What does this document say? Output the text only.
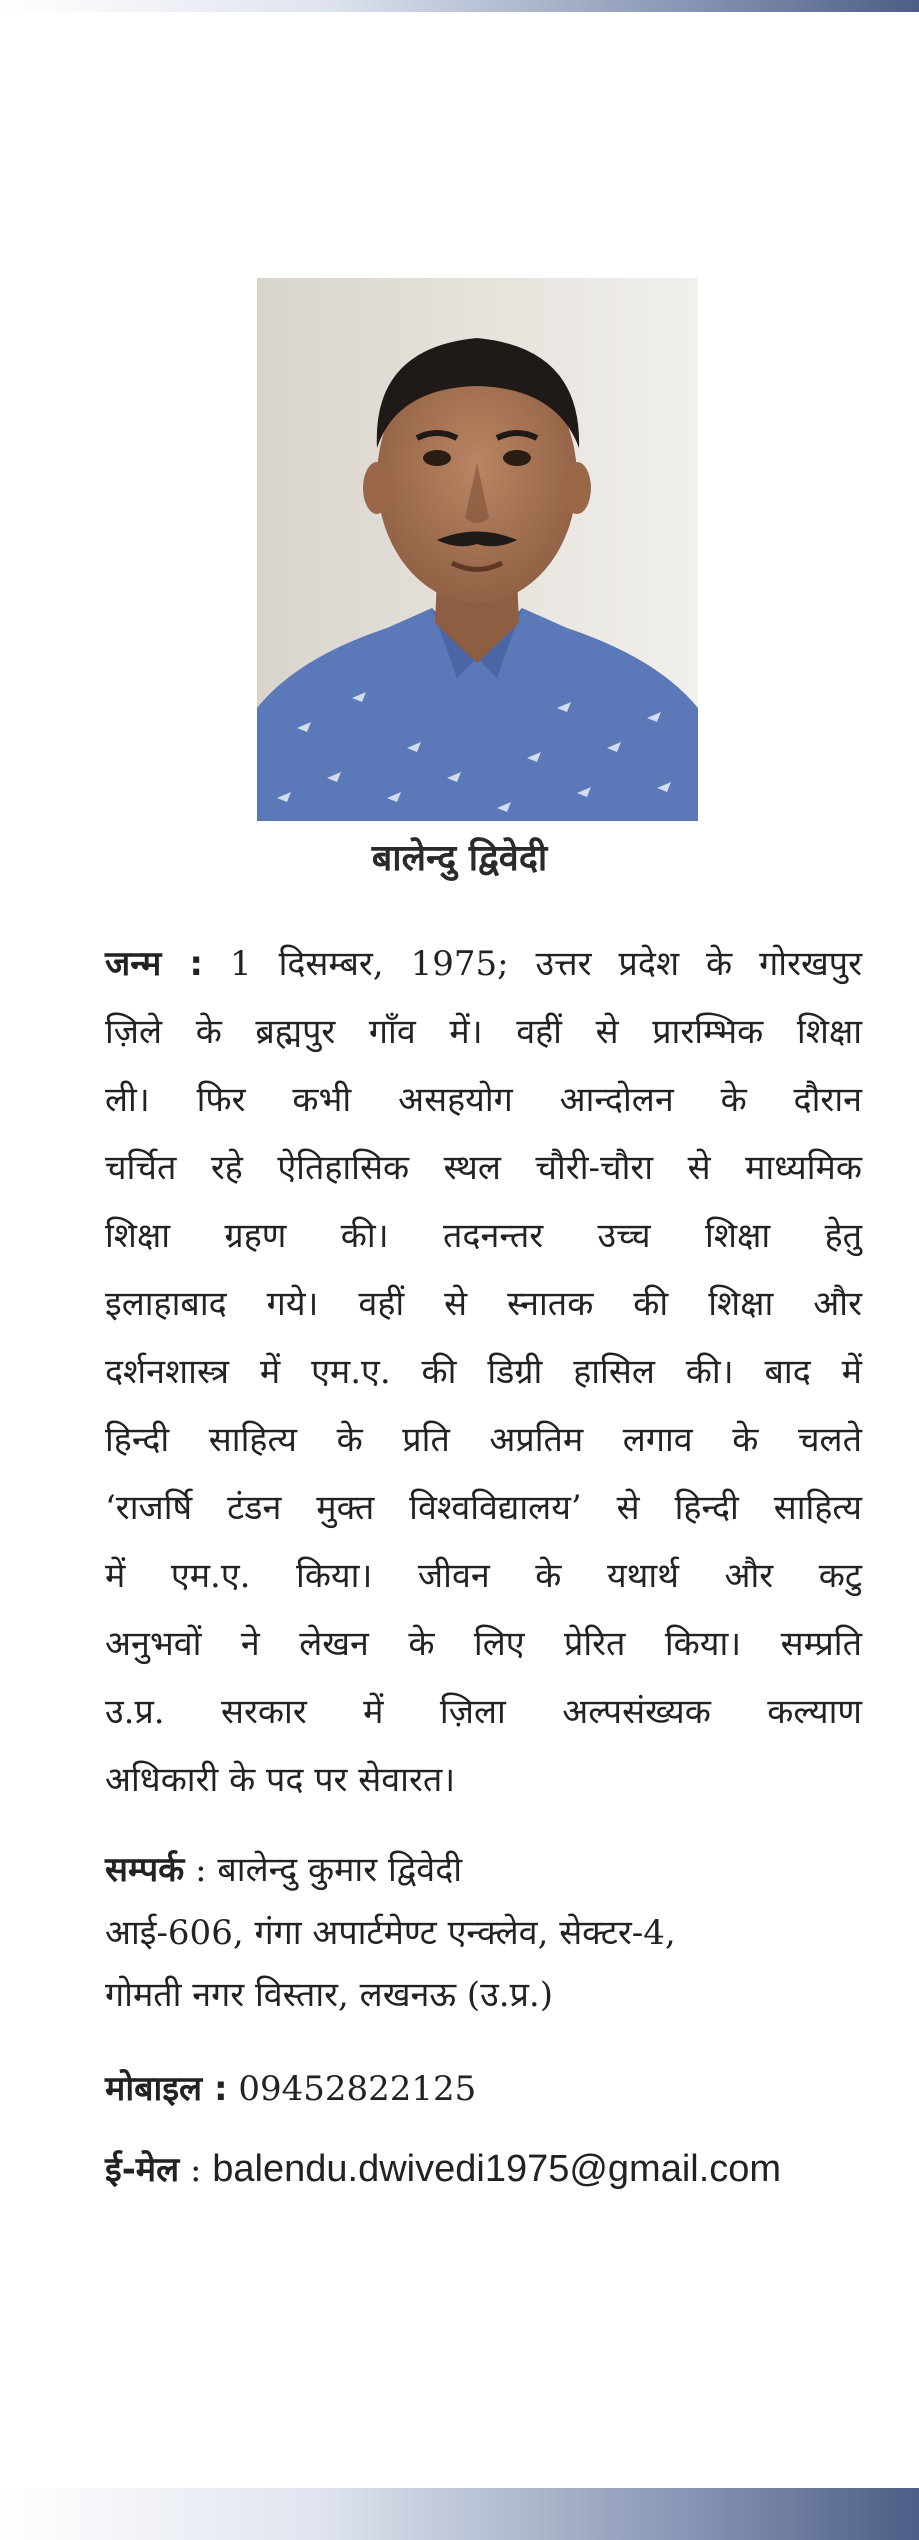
बालेन्दु द्विवेदी
जन्म : 1 दिसम्बर, 1975; उत्तर प्रदेश के गोरखपुर
ज़िले के ब्रह्मपुर गाँव में। वहीं से प्रारम्भिक शिक्षा
ली। फिर कभी असहयोग आन्दोलन के दौरान
चर्चित रहे ऐतिहासिक स्थल चौरी-चौरा से माध्यमिक
शिक्षा ग्रहण की। तदनन्तर उच्च शिक्षा हेतु
इलाहाबाद गये। वहीं से स्नातक की शिक्षा और
दर्शनशास्त्र में एम.ए. की डिग्री हासिल की। बाद में
हिन्दी साहित्य के प्रति अप्रतिम लगाव के चलते
‘राजर्षि टंडन मुक्त विश्वविद्यालय’ से हिन्दी साहित्य
में एम.ए. किया। जीवन के यथार्थ और कटु
अनुभवों ने लेखन के लिए प्रेरित किया। सम्प्रति
उ.प्र. सरकार में ज़िला अल्पसंख्यक कल्याण
अधिकारी के पद पर सेवारत।
सम्पर्क : बालेन्दु कुमार द्विवेदी
आई-606, गंगा अपार्टमेण्ट एन्क्लेव, सेक्टर-4,
गोमती नगर विस्तार, लखनऊ (उ.प्र.)
मोबाइल : 09452822125
ई-मेल : balendu.dwivedi1975@gmail.com
